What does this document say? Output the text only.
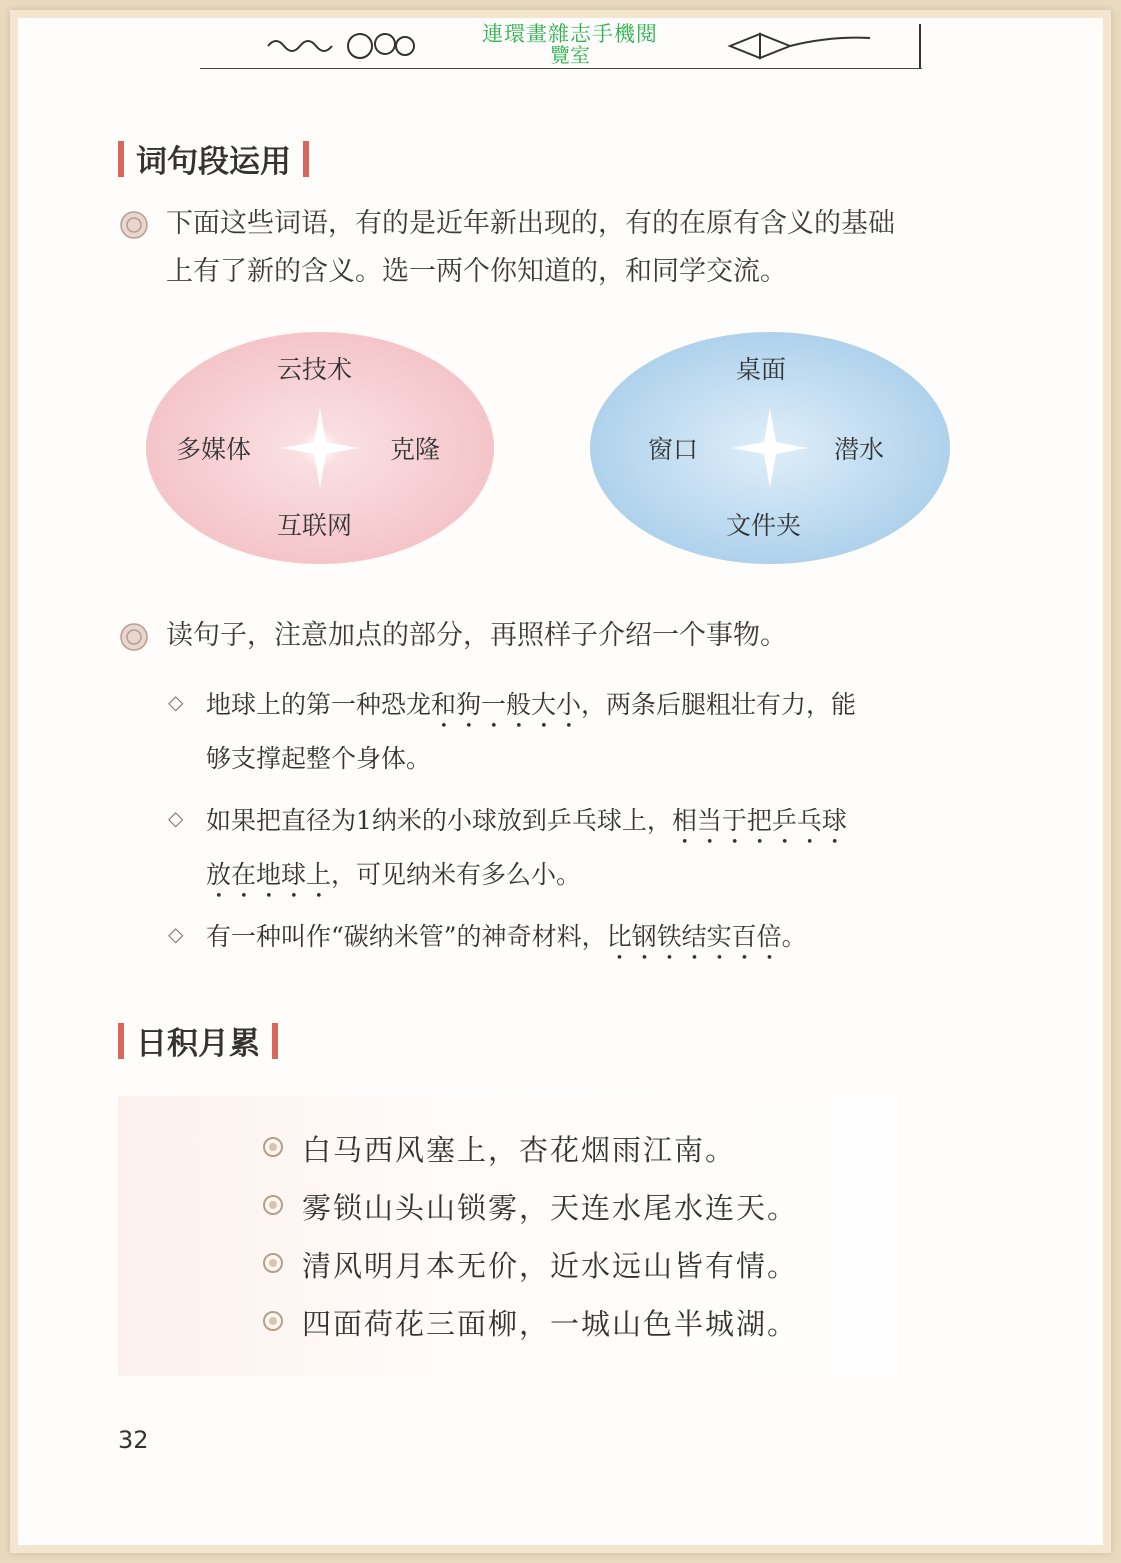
連環畫雜志手機閱
覽室
词句段运用
下面这些词语，有的是近年新出现的，有的在原有含义的基础
上有了新的含义。选一两个你知道的，和同学交流。
云技术
多媒体	克隆
互联网
桌面
窗口	潜水
文件夹
读句子，注意加点的部分，再照样子介绍一个事物。
◇ 地球上的第一种恐龙和狗一般大小，两条后腿粗壮有力，能
够支撑起整个身体。
◇ 如果把直径为1纳米的小球放到乒乓球上，相当于把乒乓球
放在地球上，可见纳米有多么小。
◇ 有一种叫作“碳纳米管”的神奇材料，比钢铁结实百倍。
日积月累
白马西风塞上，杏花烟雨江南。
雾锁山头山锁雾，天连水尾水连天。
清风明月本无价，近水远山皆有情。
四面荷花三面柳，一城山色半城湖。
32
